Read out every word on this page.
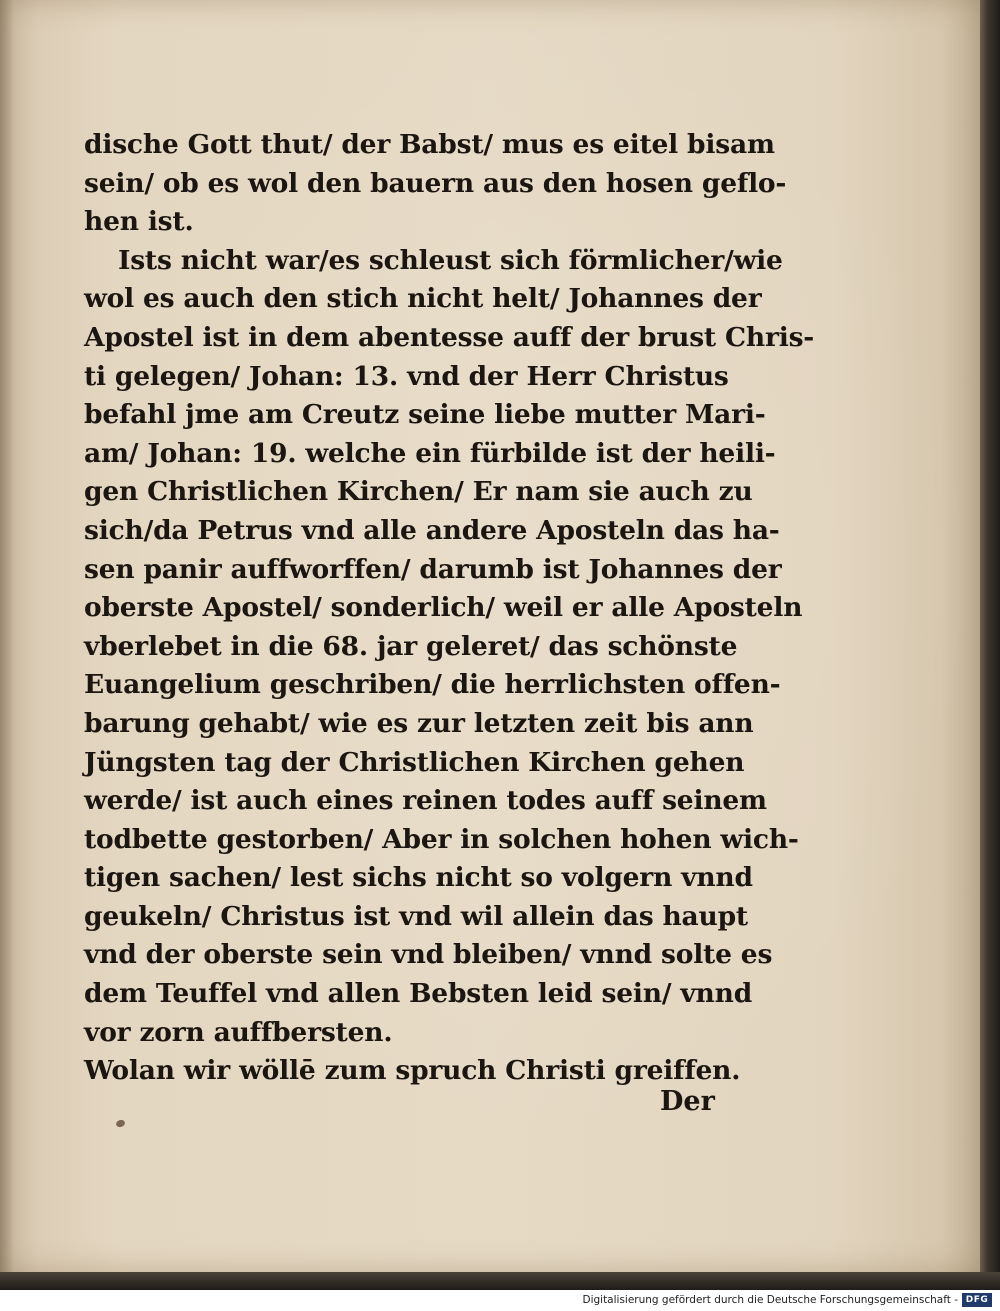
dische Gott thut/ der Babst/ mus es eitel bisam
sein/ ob es wol den bauern aus den hosen geflo-
hen ist.
Ists nicht war/es schleust sich förmlicher/wie
wol es auch den stich nicht helt/ Johannes der
Apostel ist in dem abentesse auff der brust Chris-
ti gelegen/ Johan: 13. vnd der Herr Christus
befahl jme am Creutz seine liebe mutter Mari-
am/ Johan: 19. welche ein fürbilde ist der heili-
gen Christlichen Kirchen/ Er nam sie auch zu
sich/da Petrus vnd alle andere Aposteln das ha-
sen panir auffworffen/ darumb ist Johannes der
oberste Apostel/ sonderlich/ weil er alle Aposteln
vberlebet in die 68. jar geleret/ das schönste
Euangelium geschriben/ die herrlichsten offen-
barung gehabt/ wie es zur letzten zeit bis ann
Jüngsten tag der Christlichen Kirchen gehen
werde/ ist auch eines reinen todes auff seinem
todbette gestorben/ Aber in solchen hohen wich-
tigen sachen/ lest sichs nicht so volgern vnnd
geukeln/ Christus ist vnd wil allein das haupt
vnd der oberste sein vnd bleiben/ vnnd solte es
dem Teuffel vnd allen Bebsten leid sein/ vnnd
vor zorn auffbersten.
Wolan wir wöllē zum spruch Christi greiffen.
Der
Digitalisierung gefördert durch die Deutsche Forschungsgemeinschaft - DFG
